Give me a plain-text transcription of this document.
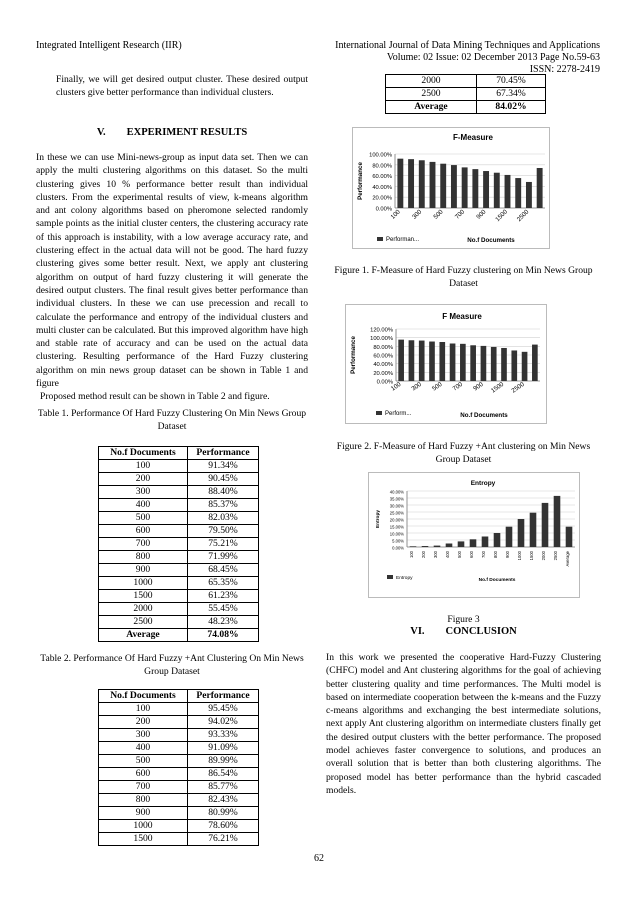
Integrated Intelligent Research (IIR)	International Journal of Data Mining Techniques and Applications
Volume: 02 Issue: 02 December 2013 Page No.59-63
ISSN: 2278-2419
Finally, we will get desired output cluster. These desired output clusters give better performance than individual clusters.
V.        EXPERIMENT RESULTS
In these we can use Mini-news-group as input data set. Then we can apply the multi clustering algorithms on this dataset. So the multi clustering gives 10 % performance better result than individual clusters. From the experimental results of view, k-means algorithm and ant colony algorithms based on pheromone selected randomly sample points as the initial cluster centers, the clustering accuracy rate of this approach is instability, with a low average accuracy rate, and clustering effect in the actual data will not be good. The hard fuzzy clustering gives some better result. Next, we apply ant clustering algorithm on output of hard fuzzy clustering it will generate the desired output clusters. The final result gives better performance than individual clusters. In these we can use precession and recall to calculate the performance and entropy of the individual clusters and multi cluster can be calculated. But this improved algorithm have high and stable rate of accuracy and can be used on the actual data clustering. Resulting performance of the Hard Fuzzy clustering algorithm on min news group dataset can be shown in Table 1 and figure
Proposed method result can be shown in Table 2 and figure.
Table 1. Performance Of Hard Fuzzy Clustering On Min News Group Dataset
No.f Documents	Performance
100	91.34%
200	90.45%
300	88.40%
400	85.37%
500	82.03%
600	79.50%
700	75.21%
800	71.99%
900	68.45%
1000	65.35%
1500	61.23%
2000	55.45%
2500	48.23%
Average	74.08%
Table 2. Performance Of Hard Fuzzy +Ant Clustering On Min News Group Dataset
No.f Documents	Performance
100	95.45%
200	94.02%
300	93.33%
400	91.09%
500	89.99%
600	86.54%
700	85.77%
800	82.43%
900	80.99%
1000	78.60%
1500	76.21%
2000	70.45%
2500	67.34%
Average	84.02%
F-Measure
0.00%
20.00%
40.00%
60.00%
80.00%
100.00%
100 300 500 700 900 1500 2500
Performance
No.f Documents
Performan...
Figure 1. F-Measure of Hard Fuzzy clustering on Min News Group Dataset
F Measure
0.00%
20.00%
40.00%
60.00%
80.00%
100.00%
120.00%
100 300 500 700 900 1500 2500
Performance
No.f Documents
Perform...
Figure 2. F-Measure of Hard Fuzzy +Ant clustering on Min News Group Dataset
Entropy
0.00%
5.00%
10.00%
15.00%
20.00%
25.00%
30.00%
35.00%
40.00%
100 200 300 400 500 600 700 800 900 1000 1500 2000 2500 Average
Entropy
No.f Documents
Entropy
Figure 3
VI.        CONCLUSION
In this work we presented the cooperative Hard-Fuzzy Clustering (CHFC) model and Ant clustering algorithms for the goal of achieving better clustering quality and time performances. The Multi model is based on intermediate cooperation between the k-means and the Fuzzy c-means algorithms and exchanging the best intermediate solutions, next apply Ant clustering algorithm on intermediate clusters finally get the desired output clusters with the better performance. The proposed model achieves faster convergence to solutions, and produces an overall solution that is better than both clustering algorithms. The proposed model has better performance than the hybrid cascaded models.
62
